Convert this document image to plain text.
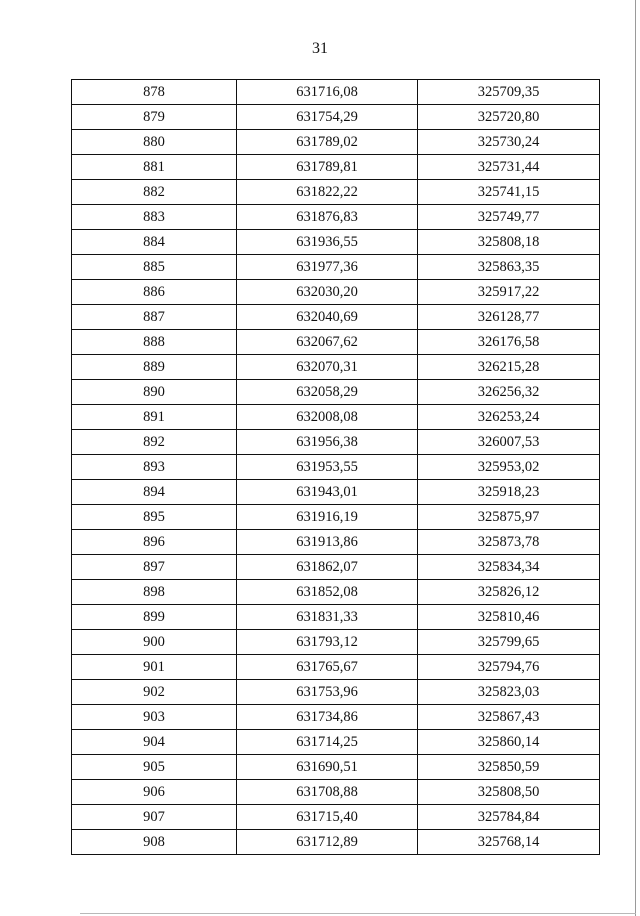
31
878	631716,08	325709,35
879	631754,29	325720,80
880	631789,02	325730,24
881	631789,81	325731,44
882	631822,22	325741,15
883	631876,83	325749,77
884	631936,55	325808,18
885	631977,36	325863,35
886	632030,20	325917,22
887	632040,69	326128,77
888	632067,62	326176,58
889	632070,31	326215,28
890	632058,29	326256,32
891	632008,08	326253,24
892	631956,38	326007,53
893	631953,55	325953,02
894	631943,01	325918,23
895	631916,19	325875,97
896	631913,86	325873,78
897	631862,07	325834,34
898	631852,08	325826,12
899	631831,33	325810,46
900	631793,12	325799,65
901	631765,67	325794,76
902	631753,96	325823,03
903	631734,86	325867,43
904	631714,25	325860,14
905	631690,51	325850,59
906	631708,88	325808,50
907	631715,40	325784,84
908	631712,89	325768,14
